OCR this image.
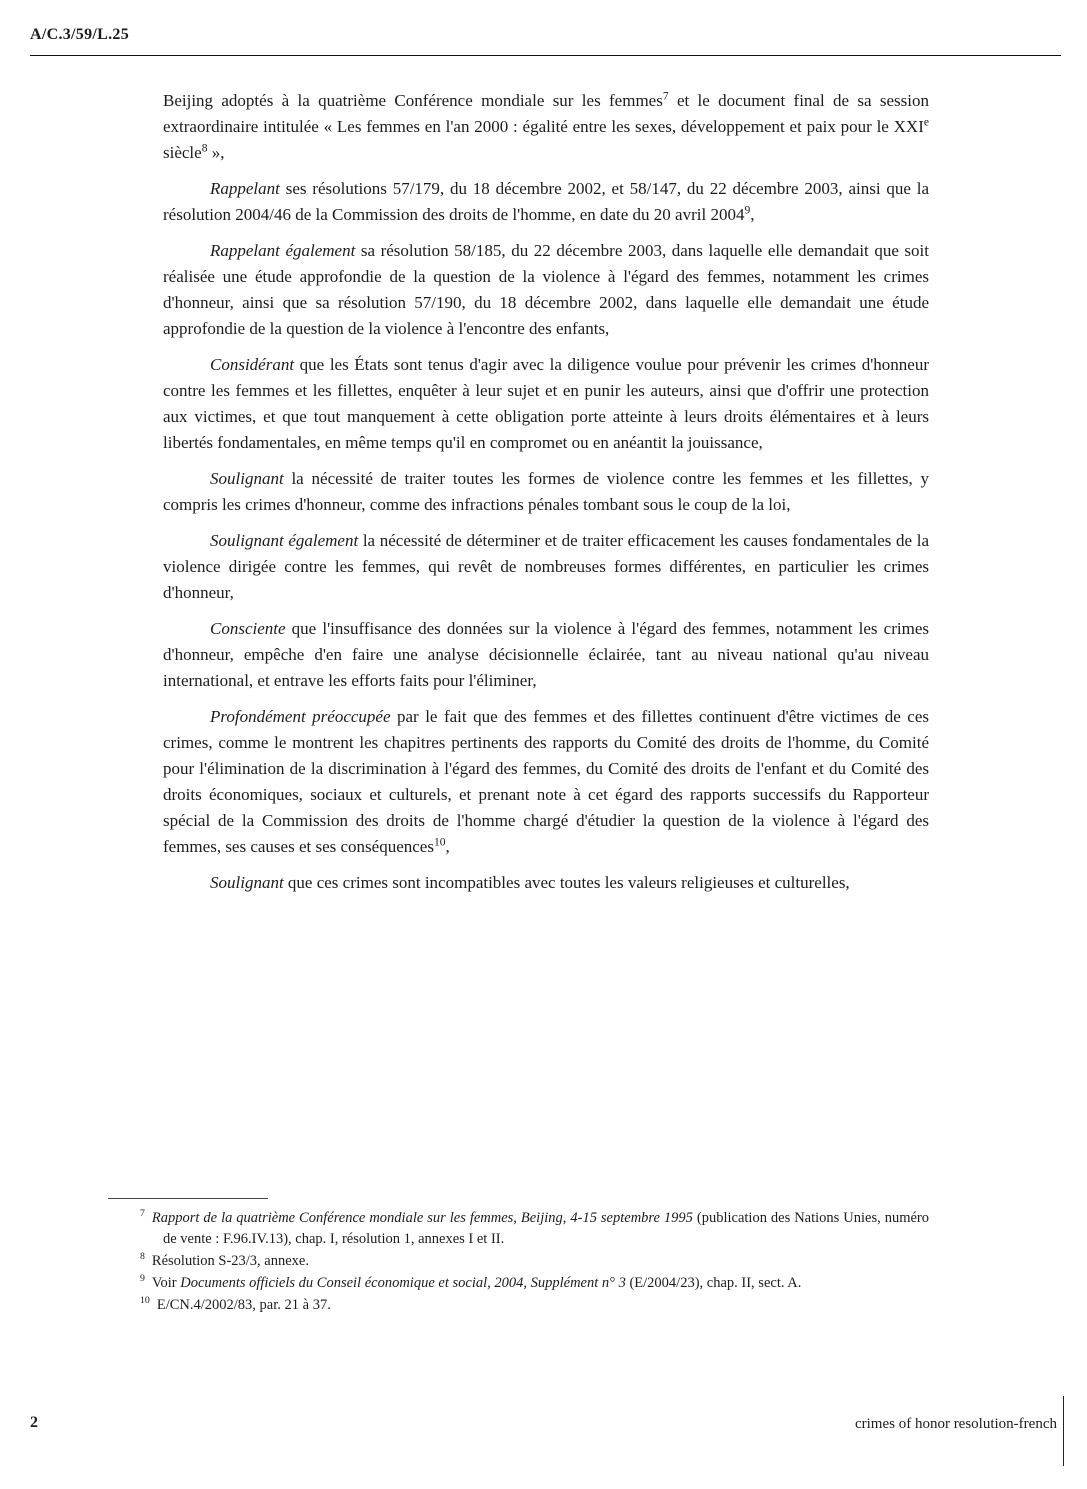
A/C.3/59/L.25

Beijing adoptés à la quatrième Conférence mondiale sur les femmes$^7$ et le document final de sa session extraordinaire intitulée « Les femmes en l'an 2000 : égalité entre les sexes, développement et paix pour le XXIe siècle$^8$ »,

Rappelant ses résolutions 57/179, du 18 décembre 2002, et 58/147, du 22 décembre 2003, ainsi que la résolution 2004/46 de la Commission des droits de l'homme, en date du 20 avril 2004$^9$,

Rappelant également sa résolution 58/185, du 22 décembre 2003, dans laquelle elle demandait que soit réalisée une étude approfondie de la question de la violence à l'égard des femmes, notamment les crimes d'honneur, ainsi que sa résolution 57/190, du 18 décembre 2002, dans laquelle elle demandait une étude approfondie de la question de la violence à l'encontre des enfants,

Considérant que les États sont tenus d'agir avec la diligence voulue pour prévenir les crimes d'honneur contre les femmes et les fillettes, enquêter à leur sujet et en punir les auteurs, ainsi que d'offrir une protection aux victimes, et que tout manquement à cette obligation porte atteinte à leurs droits élémentaires et à leurs libertés fondamentales, en même temps qu'il en compromet ou en anéantit la jouissance,

Soulignant la nécessité de traiter toutes les formes de violence contre les femmes et les fillettes, y compris les crimes d'honneur, comme des infractions pénales tombant sous le coup de la loi,

Soulignant également la nécessité de déterminer et de traiter efficacement les causes fondamentales de la violence dirigée contre les femmes, qui revêt de nombreuses formes différentes, en particulier les crimes d'honneur,

Consciente que l'insuffisance des données sur la violence à l'égard des femmes, notamment les crimes d'honneur, empêche d'en faire une analyse décisionnelle éclairée, tant au niveau national qu'au niveau international, et entrave les efforts faits pour l'éliminer,

Profondément préoccupée par le fait que des femmes et des fillettes continuent d'être victimes de ces crimes, comme le montrent les chapitres pertinents des rapports du Comité des droits de l'homme, du Comité pour l'élimination de la discrimination à l'égard des femmes, du Comité des droits de l'enfant et du Comité des droits économiques, sociaux et culturels, et prenant note à cet égard des rapports successifs du Rapporteur spécial de la Commission des droits de l'homme chargé d'étudier la question de la violence à l'égard des femmes, ses causes et ses conséquences$^{10}$,

Soulignant que ces crimes sont incompatibles avec toutes les valeurs religieuses et culturelles,

$^7$ Rapport de la quatrième Conférence mondiale sur les femmes, Beijing, 4-15 septembre 1995 (publication des Nations Unies, numéro de vente : F.96.IV.13), chap. I, résolution 1, annexes I et II.
$^8$ Résolution S-23/3, annexe.
$^9$ Voir Documents officiels du Conseil économique et social, 2004, Supplément n° 3 (E/2004/23), chap. II, sect. A.
$^{10}$ E/CN.4/2002/83, par. 21 à 37.
2	crimes of honor resolution-french
